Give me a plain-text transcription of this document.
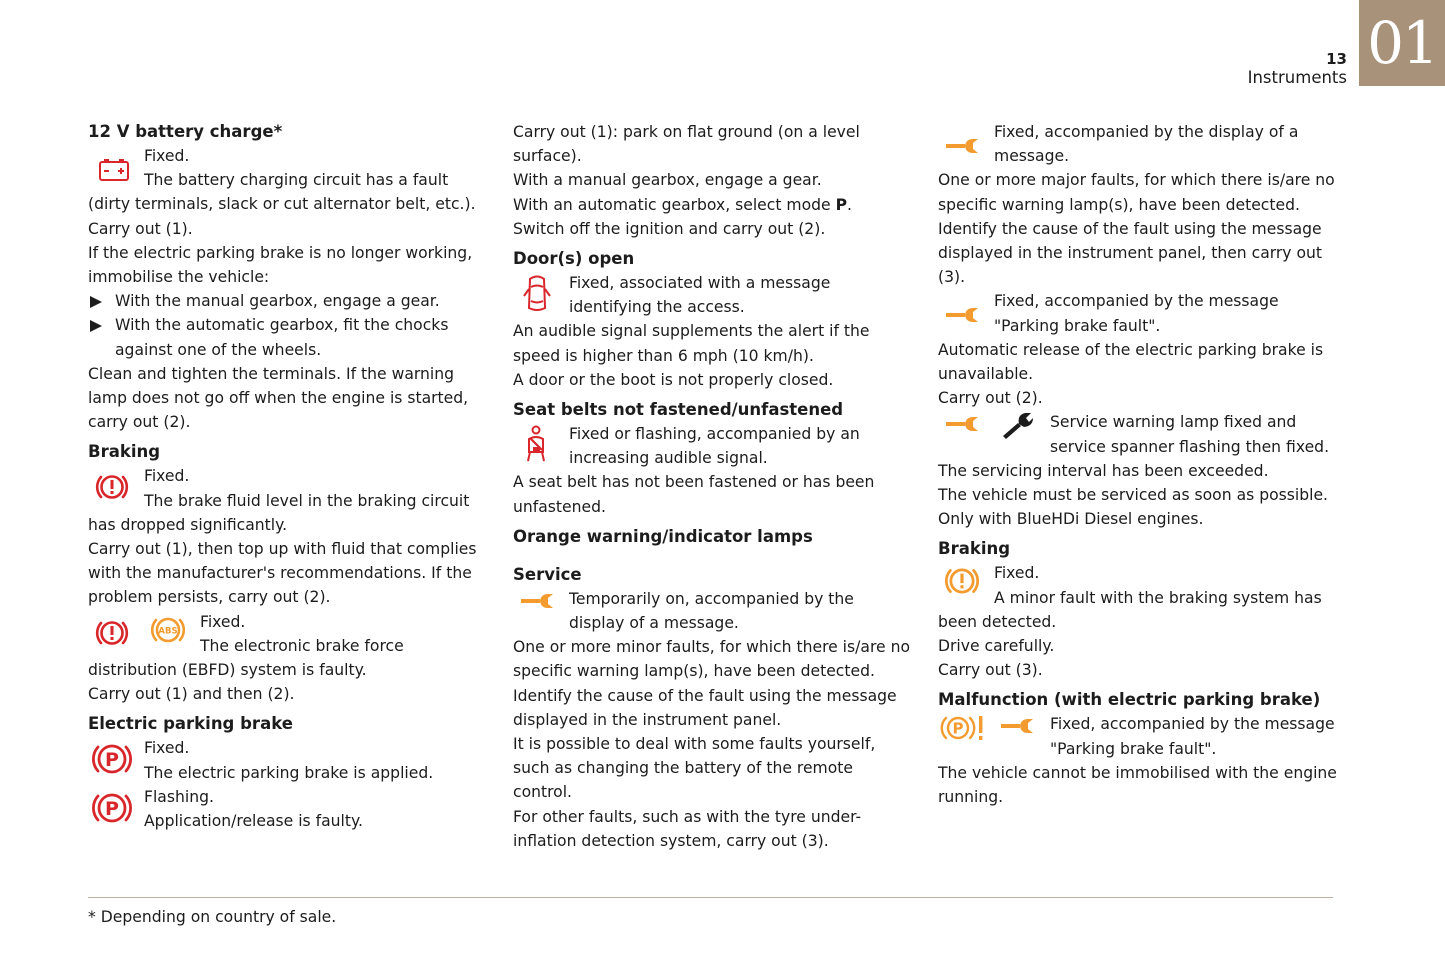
01
13
Instruments
12 V battery charge*

Fixed.

The battery charging circuit has a fault

(dirty terminals, slack or cut alternator belt, etc.).

Carry out (1).

If the electric parking brake is no longer working, immobilise the vehicle:

With the manual gearbox, engage a gear.
With the automatic gearbox, fit the chocks against one of the wheels.

Clean and tighten the terminals. If the warning lamp does not go off when the engine is started, carry out (2).

Braking

Fixed.

The brake fluid level in the braking circuit

has dropped significantly.

Carry out (1), then top up with fluid that complies with the manufacturer's recommendations. If the problem persists, carry out (2).

ABS

Fixed.

The electronic brake force

distribution (EBFD) system is faulty.

Carry out (1) and then (2).

Electric parking brake
P

Fixed.

The electric parking brake is applied.

P

Flashing.

Application/release is faulty.

Carry out (1): park on flat ground (on a level surface).

With a manual gearbox, engage a gear.

With an automatic gearbox, select mode P.

Switch off the ignition and carry out (2).

Door(s) open

Fixed, associated with a message

identifying the access.

An audible signal supplements the alert if the speed is higher than 6 mph (10 km/h).

A door or the boot is not properly closed.

Seat belts not fastened/unfastened

Fixed or flashing, accompanied by an

increasing audible signal.

A seat belt has not been fastened or has been unfastened.

Orange warning/indicator lamps
Service

Temporarily on, accompanied by the

display of a message.

One or more minor faults, for which there is/are no specific warning lamp(s), have been detected.

Identify the cause of the fault using the message displayed in the instrument panel.

It is possible to deal with some faults yourself, such as changing the battery of the remote control.

For other faults, such as with the tyre under-inflation detection system, carry out (3).

Fixed, accompanied by the display of a

message.

One or more major faults, for which there is/are no specific warning lamp(s), have been detected.

Identify the cause of the fault using the message displayed in the instrument panel, then carry out (3).

Fixed, accompanied by the message

"Parking brake fault".

Automatic release of the electric parking brake is unavailable.

Carry out (2).

Service warning lamp fixed and

service spanner flashing then fixed.

The servicing interval has been exceeded.

The vehicle must be serviced as soon as possible.

Only with BlueHDi Diesel engines.

Braking

Fixed.

A minor fault with the braking system has

been detected.

Drive carefully.

Carry out (3).

Malfunction (with electric parking brake)
P	Fixed, accompanied by the message

"Parking brake fault".

The vehicle cannot be immobilised with the engine running.

* Depending on country of sale.
